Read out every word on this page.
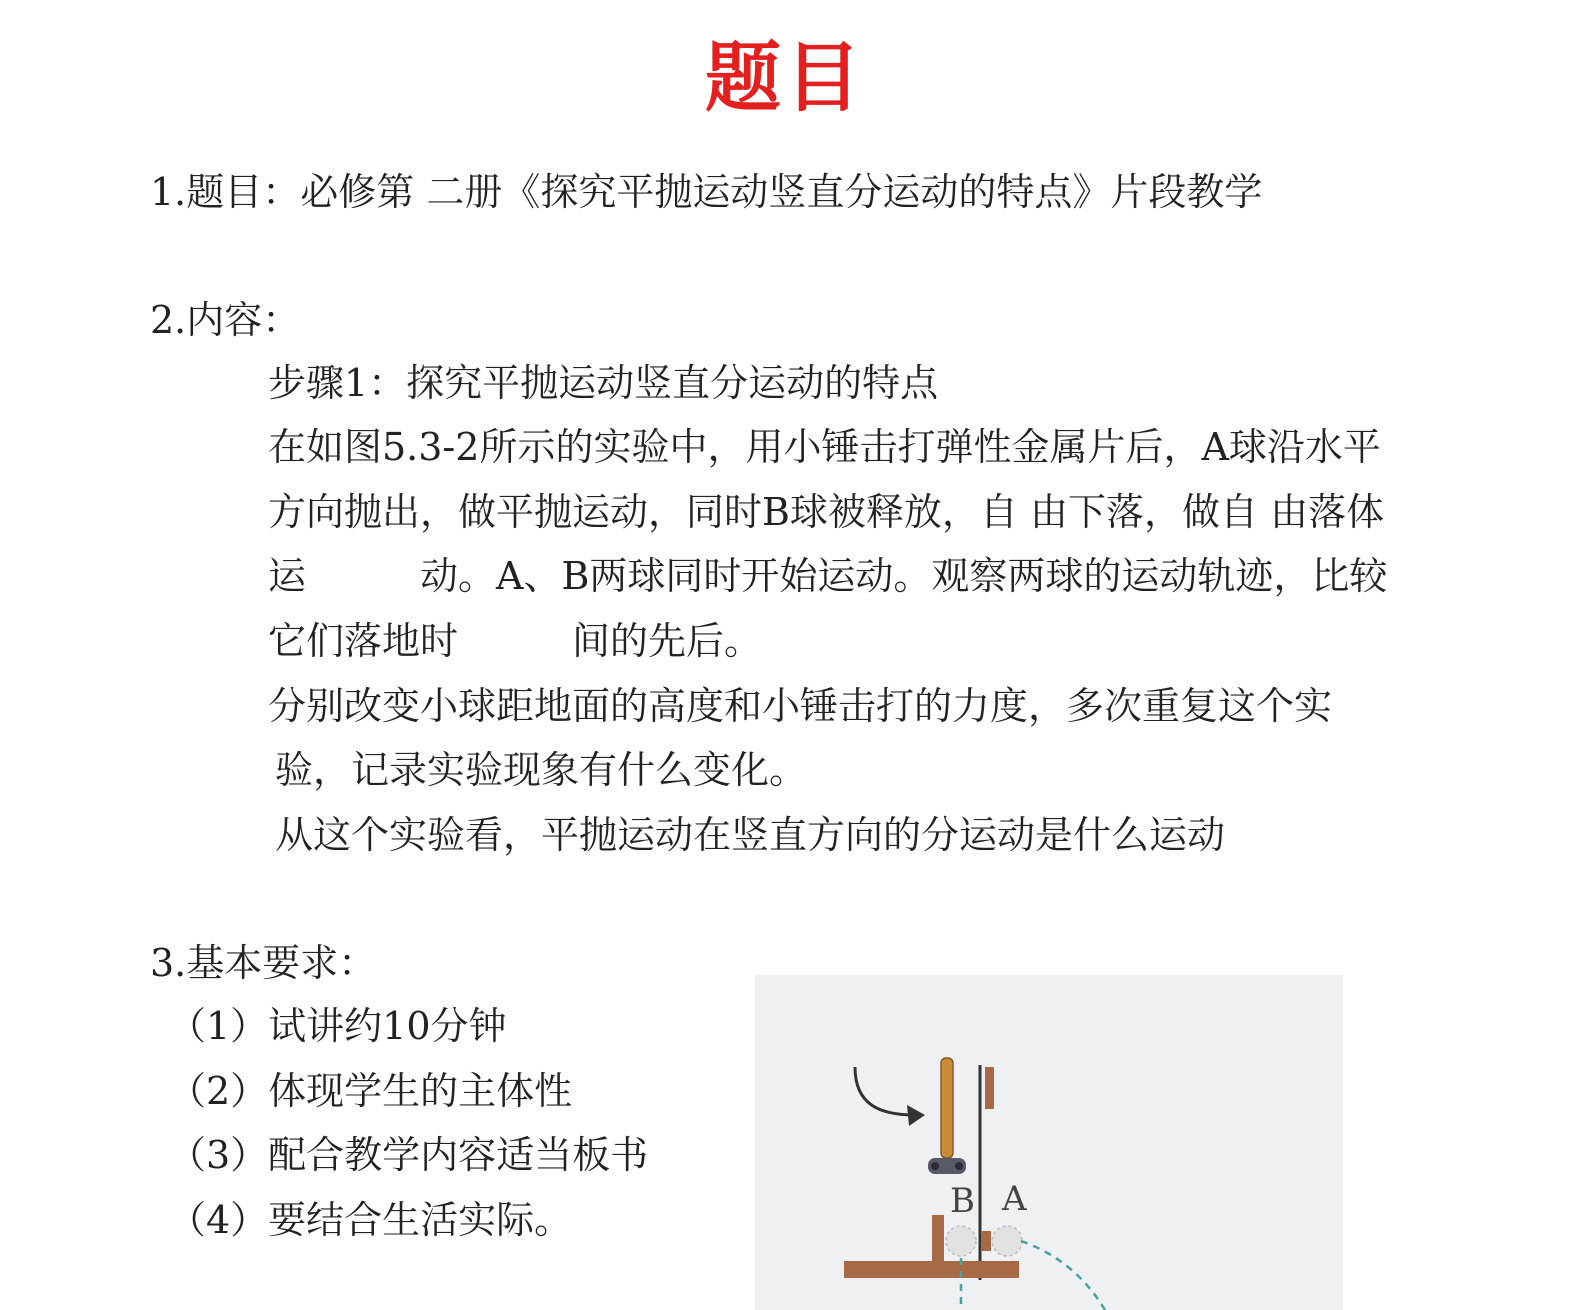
题目
1.题目：必修第 二册《探究平抛运动竖直分运动的特点》片段教学
2.内容：
步骤1：探究平抛运动竖直分运动的特点
在如图5.3-2所示的实验中，用小锤击打弹性金属片后，A球沿水平
方向抛出，做平抛运动，同时B球被释放，自 由下落，做自 由落体
运　　　动。A、B两球同时开始运动。观察两球的运动轨迹，比较
它们落地时　　　间的先后。
分别改变小球距地面的高度和小锤击打的力度，多次重复这个实
验，记录实验现象有什么变化。
从这个实验看，平抛运动在竖直方向的分运动是什么运动
3.基本要求：
（1）试讲约10分钟
（2）体现学生的主体性
（3）配合教学内容适当板书
（4）要结合生活实际。	B A
